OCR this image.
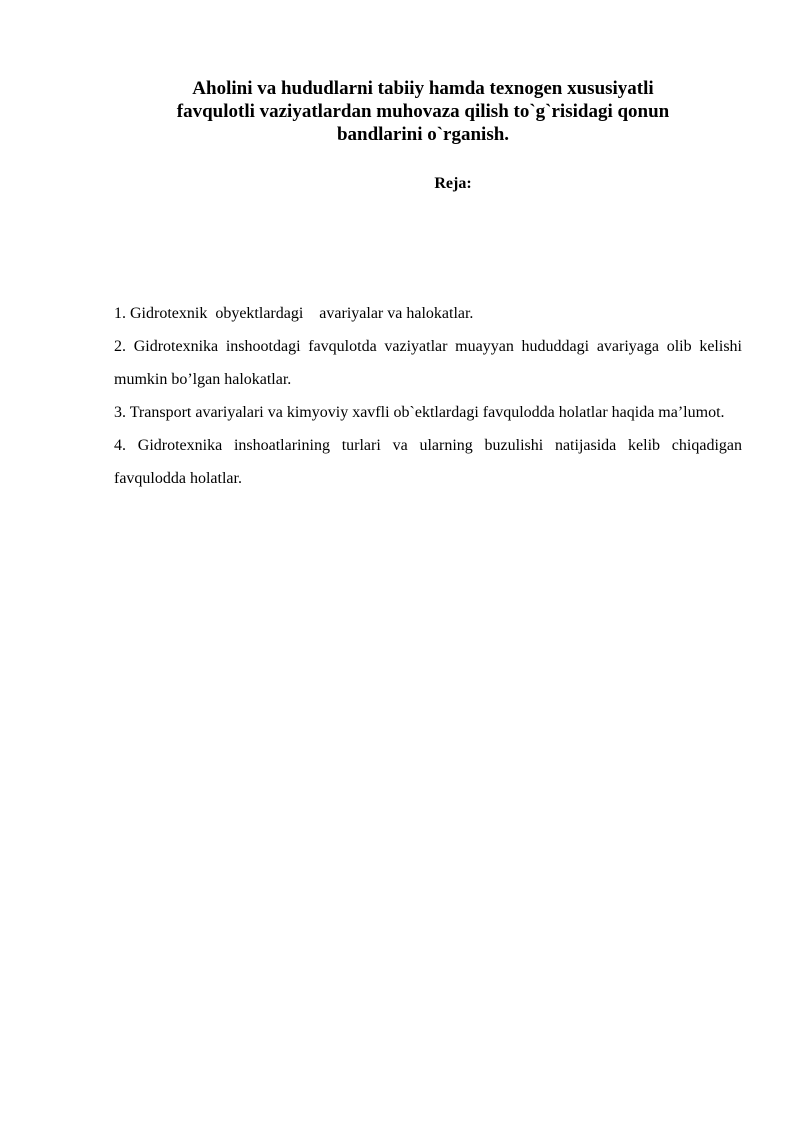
Aholini va hududlarni tabiiy hamda texnogen xususiyatli
favqulotli vaziyatlardan muhovaza qilish to`g`risidagi qonun
bandlarini o`rganish.
Reja:
1. Gidrotexnik  obyektlardagi    avariyalar va halokatlar.
2. Gidrotexnika inshootdagi favqulotda vaziyatlar muayyan hududdagi avariyaga olib kelishi mumkin bo’lgan halokatlar.
3. Transport avariyalari va kimyoviy xavfli ob`ektlardagi favqulodda holatlar haqida ma’lumot.
4. Gidrotexnika inshoatlarining turlari va ularning buzulishi natijasida kelib chiqadigan favqulodda holatlar.
